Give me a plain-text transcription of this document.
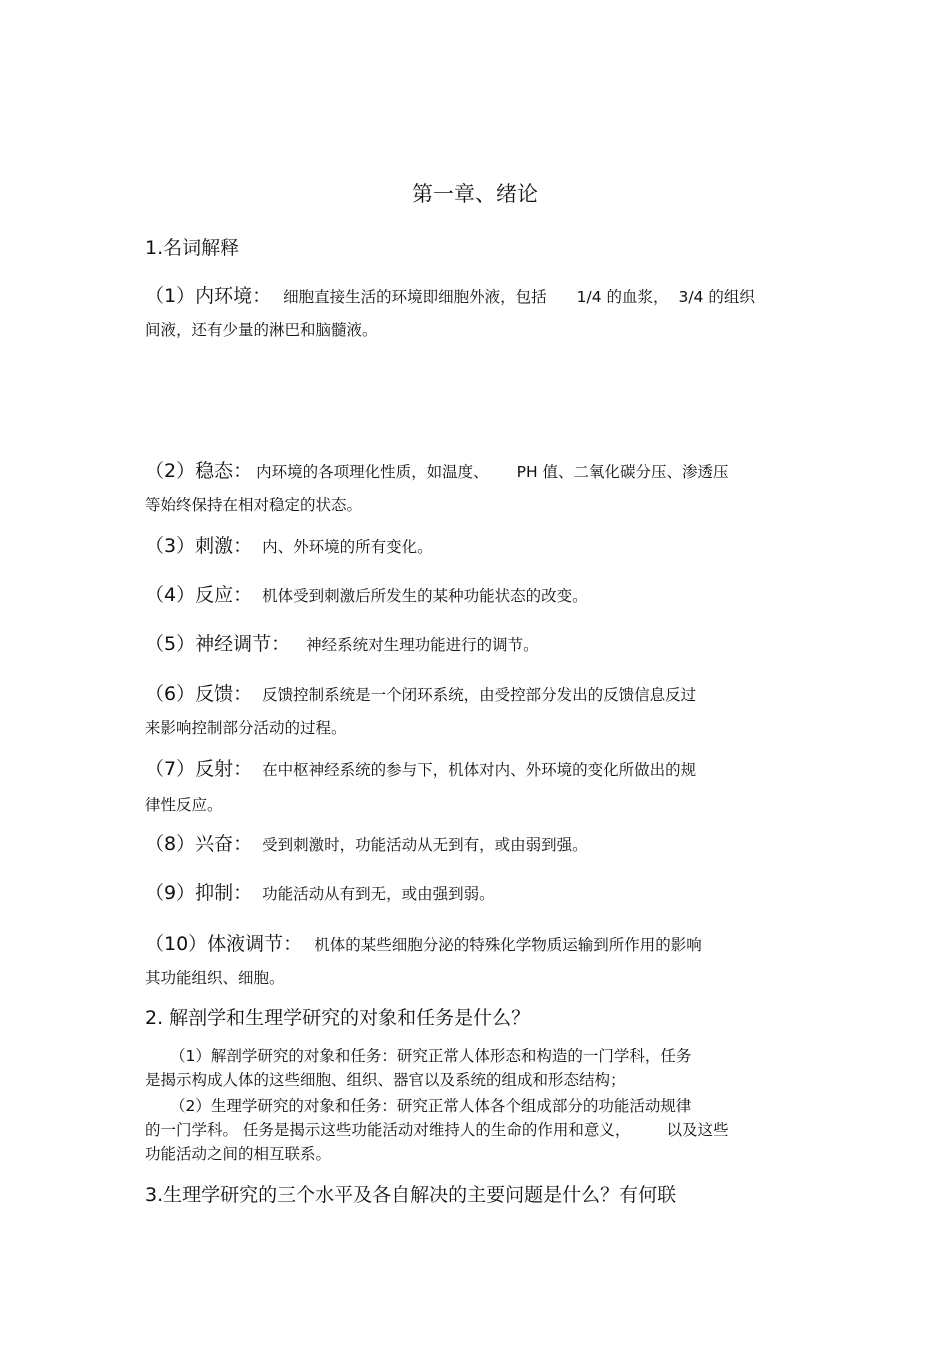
第一章、绪论
1.名词解释
（1）内环境： 细胞直接生活的环境即细胞外液，包括 1/4 的血浆， 3/4 的组织
间液，还有少量的淋巴和脑髓液。
（2）稳态： 内环境的各项理化性质，如温度、 PH 值、二氧化碳分压、渗透压
等始终保持在相对稳定的状态。
（3）刺激： 内、外环境的所有变化。
（4）反应： 机体受到刺激后所发生的某种功能状态的改变。
（5）神经调节： 神经系统对生理功能进行的调节。
（6）反馈： 反馈控制系统是一个闭环系统，由受控部分发出的反馈信息反过
来影响控制部分活动的过程。
（7）反射： 在中枢神经系统的参与下，机体对内、外环境的变化所做出的规
律性反应。
（8）兴奋： 受到刺激时，功能活动从无到有，或由弱到强。
（9）抑制： 功能活动从有到无，或由强到弱。
（10）体液调节： 机体的某些细胞分泌的特殊化学物质运输到所作用的影响
其功能组织、细胞。
2. 解剖学和生理学研究的对象和任务是什么？
（1）解剖学研究的对象和任务：研究正常人体形态和构造的一门学科，任务
是揭示构成人体的这些细胞、组织、器官以及系统的组成和形态结构；
（2）生理学研究的对象和任务：研究正常人体各个组成部分的功能活动规律
的一门学科。 任务是揭示这些功能活动对维持人的生命的作用和意义， 以及这些
功能活动之间的相互联系。
3.生理学研究的三个水平及各自解决的主要问题是什么？有何联
